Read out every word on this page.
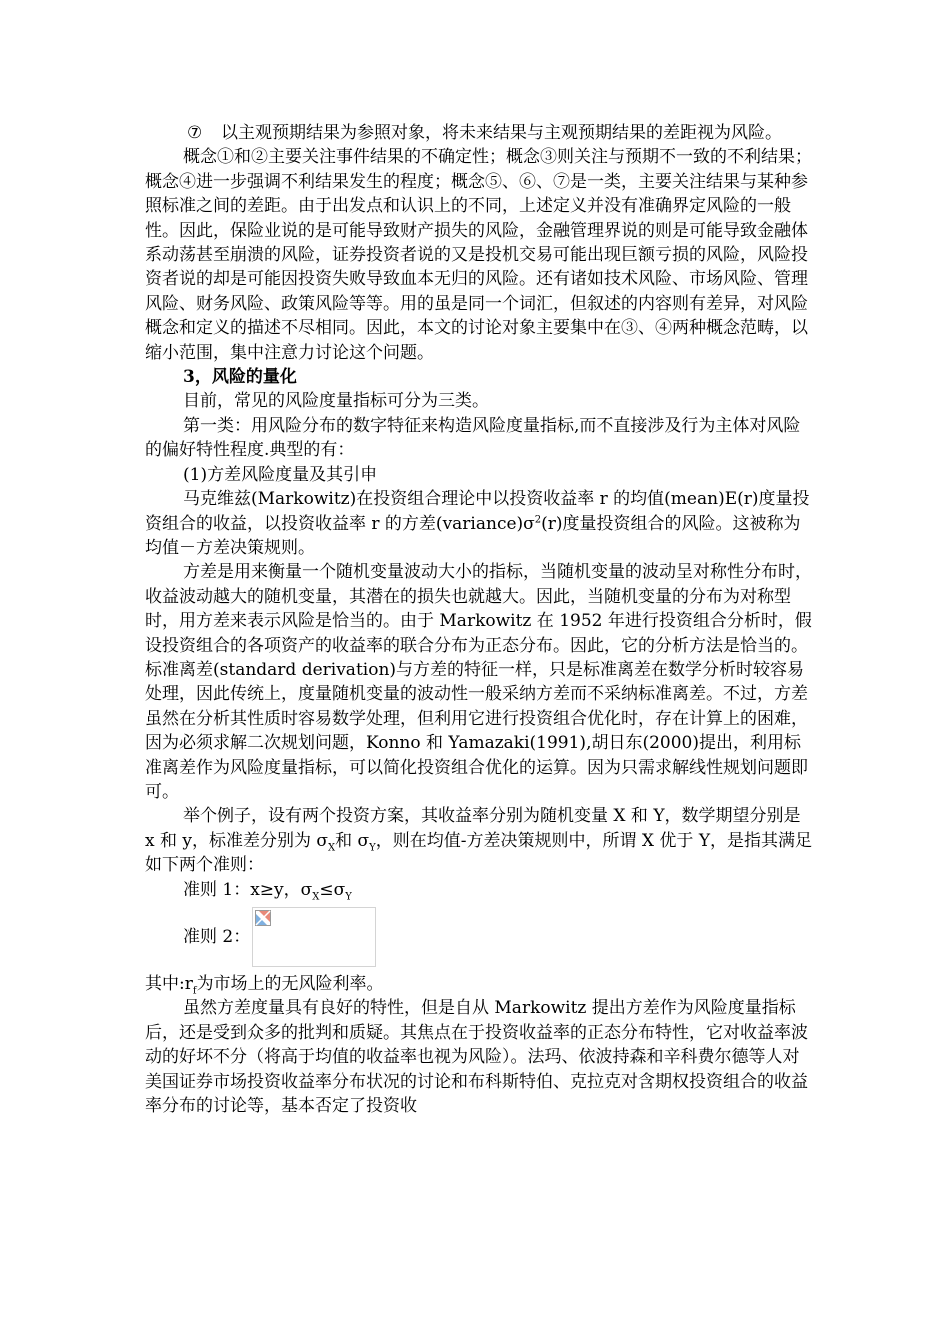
⑦	以主观预期结果为参照对象，将未来结果与主观预期结果的差距视为风险。

概念①和②主要关注事件结果的不确定性；概念③则关注与预期不一致的不利结果；概念④进一步强调不利结果发生的程度；概念⑤、⑥、⑦是一类，主要关注结果与某种参照标准之间的差距。由于出发点和认识上的不同，上述定义并没有准确界定风险的一般性。因此，保险业说的是可能导致财产损失的风险，金融管理界说的则是可能导致金融体系动荡甚至崩溃的风险，证券投资者说的又是投机交易可能出现巨额亏损的风险，风险投资者说的却是可能因投资失败导致血本无归的风险。还有诸如技术风险、市场风险、管理风险、财务风险、政策风险等等。用的虽是同一个词汇，但叙述的内容则有差异，对风险概念和定义的描述不尽相同。因此，本文的讨论对象主要集中在③、④两种概念范畴，以缩小范围，集中注意力讨论这个问题。

3，风险的量化

目前，常见的风险度量指标可分为三类。

第一类：用风险分布的数字特征来构造风险度量指标,而不直接涉及行为主体对风险的偏好特性程度.典型的有：

(1)方差风险度量及其引申

马克维兹(Markowitz)在投资组合理论中以投资收益率 r 的均值(mean)E(r)度量投资组合的收益，以投资收益率 r 的方差$(variance)\sigma^2(r)$度量投资组合的风险。这被称为均值－方差决策规则。

方差是用来衡量一个随机变量波动大小的指标，当随机变量的波动呈对称性分布时，收益波动越大的随机变量，其潜在的损失也就越大。因此，当随机变量的分布为对称型时，用方差来表示风险是恰当的。由于 Markowitz 在 1952 年进行投资组合分析时，假设投资组合的各项资产的收益率的联合分布为正态分布。因此，它的分析方法是恰当的。标准离差(standard derivation)与方差的特征一样，只是标准离差在数学分析时较容易处理，因此传统上，度量随机变量的波动性一般采纳方差而不采纳标准离差。不过，方差虽然在分析其性质时容易数学处理，但利用它进行投资组合优化时，存在计算上的困难，因为必须求解二次规划问题，Konno 和 Yamazaki(1991),胡日东(2000)提出，利用标准离差作为风险度量指标，可以简化投资组合优化的运算。因为只需求解线性规划问题即可。

举个例子，设有两个投资方案，其收益率分别为随机变量 X 和 Y，数学期望分别是 x 和 y，标准差分别为 $\sigma_X$和 $\sigma_Y$，则在均值-方差决策规则中，所谓 X 优于 Y，是指其满足如下两个准则：

准则 1：x≥y，$\sigma_X\le\sigma_Y$

准则 2：

其中$:r_f$为市场上的无风险利率。

虽然方差度量具有良好的特性，但是自从 Markowitz 提出方差作为风险度量指标后，还是受到众多的批判和质疑。其焦点在于投资收益率的正态分布特性，它对收益率波动的好坏不分（将高于均值的收益率也视为风险）。法玛、依波持森和辛科费尔德等人对美国证券市场投资收益率分布状况的讨论和布科斯特伯、克拉克对含期权投资组合的收益率分布的讨论等，基本否定了投资收
